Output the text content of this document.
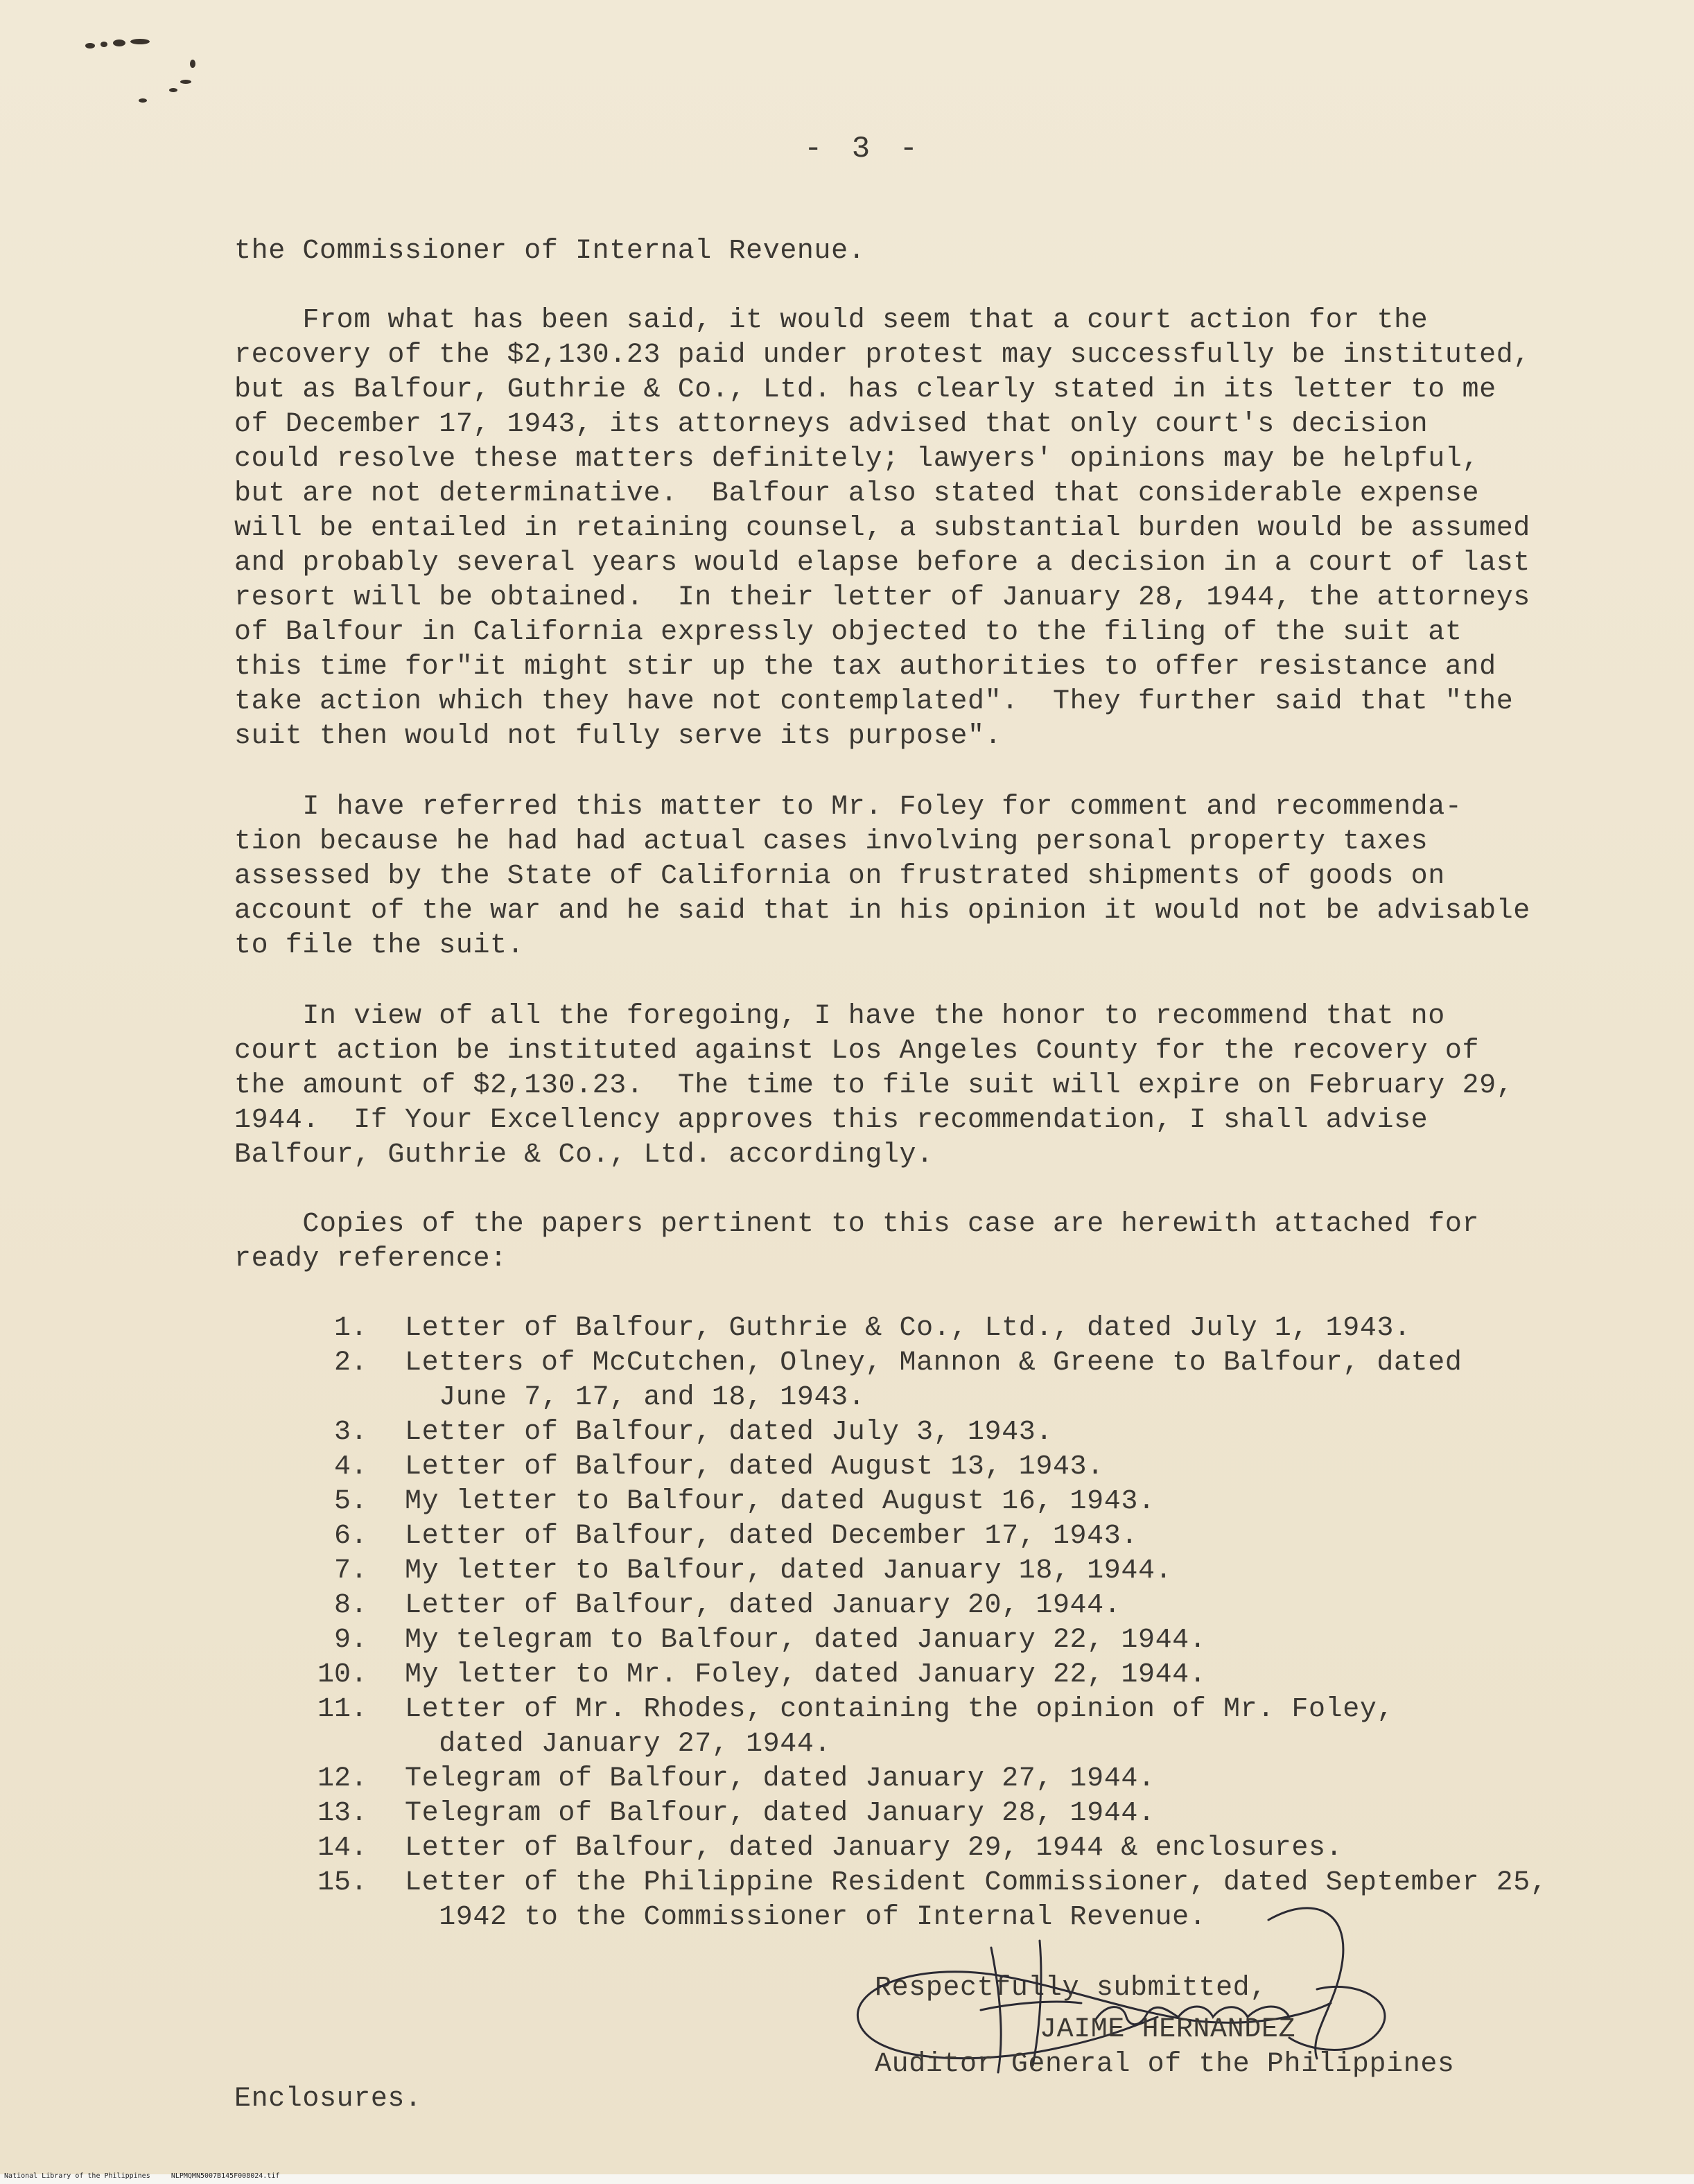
- 3 -
the Commissioner of Internal Revenue.
From what has been said, it would seem that a court action for the
recovery of the $2,130.23 paid under protest may successfully be instituted,
but as Balfour, Guthrie & Co., Ltd. has clearly stated in its letter to me
of December 17, 1943, its attorneys advised that only court's decision
could resolve these matters definitely; lawyers' opinions may be helpful,
but are not determinative.  Balfour also stated that considerable expense
will be entailed in retaining counsel, a substantial burden would be assumed
and probably several years would elapse before a decision in a court of last
resort will be obtained.  In their letter of January 28, 1944, the attorneys
of Balfour in California expressly objected to the filing of the suit at
this time for"it might stir up the tax authorities to offer resistance and
take action which they have not contemplated".  They further said that "the
suit then would not fully serve its purpose".
I have referred this matter to Mr. Foley for comment and recommenda-
tion because he had had actual cases involving personal property taxes
assessed by the State of California on frustrated shipments of goods on
account of the war and he said that in his opinion it would not be advisable
to file the suit.
In view of all the foregoing, I have the honor to recommend that no
court action be instituted against Los Angeles County for the recovery of
the amount of $2,130.23.  The time to file suit will expire on February 29,
1944.  If Your Excellency approves this recommendation, I shall advise
Balfour, Guthrie & Co., Ltd. accordingly.
Copies of the papers pertinent to this case are herewith attached for
ready reference:
1. Letter of Balfour, Guthrie & Co., Ltd., dated July 1, 1943.
2. Letters of McCutchen, Olney, Mannon & Greene to Balfour, dated
June 7, 17, and 18, 1943.
3. Letter of Balfour, dated July 3, 1943.
4. Letter of Balfour, dated August 13, 1943.
5. My letter to Balfour, dated August 16, 1943.
6. Letter of Balfour, dated December 17, 1943.
7. My letter to Balfour, dated January 18, 1944.
8. Letter of Balfour, dated January 20, 1944.
9. My telegram to Balfour, dated January 22, 1944.
10. My letter to Mr. Foley, dated January 22, 1944.
11. Letter of Mr. Rhodes, containing the opinion of Mr. Foley,
dated January 27, 1944.
12. Telegram of Balfour, dated January 27, 1944.
13. Telegram of Balfour, dated January 28, 1944.
14. Letter of Balfour, dated January 29, 1944 & enclosures.
15. Letter of the Philippine Resident Commissioner, dated September 25,
1942 to the Commissioner of Internal Revenue.
Respectfully submitted,
JAIME HERNANDEZ
Auditor General of the Philippines
Enclosures.
National Library of the Philippines     NLPMQMN5007B145F008024.tif
